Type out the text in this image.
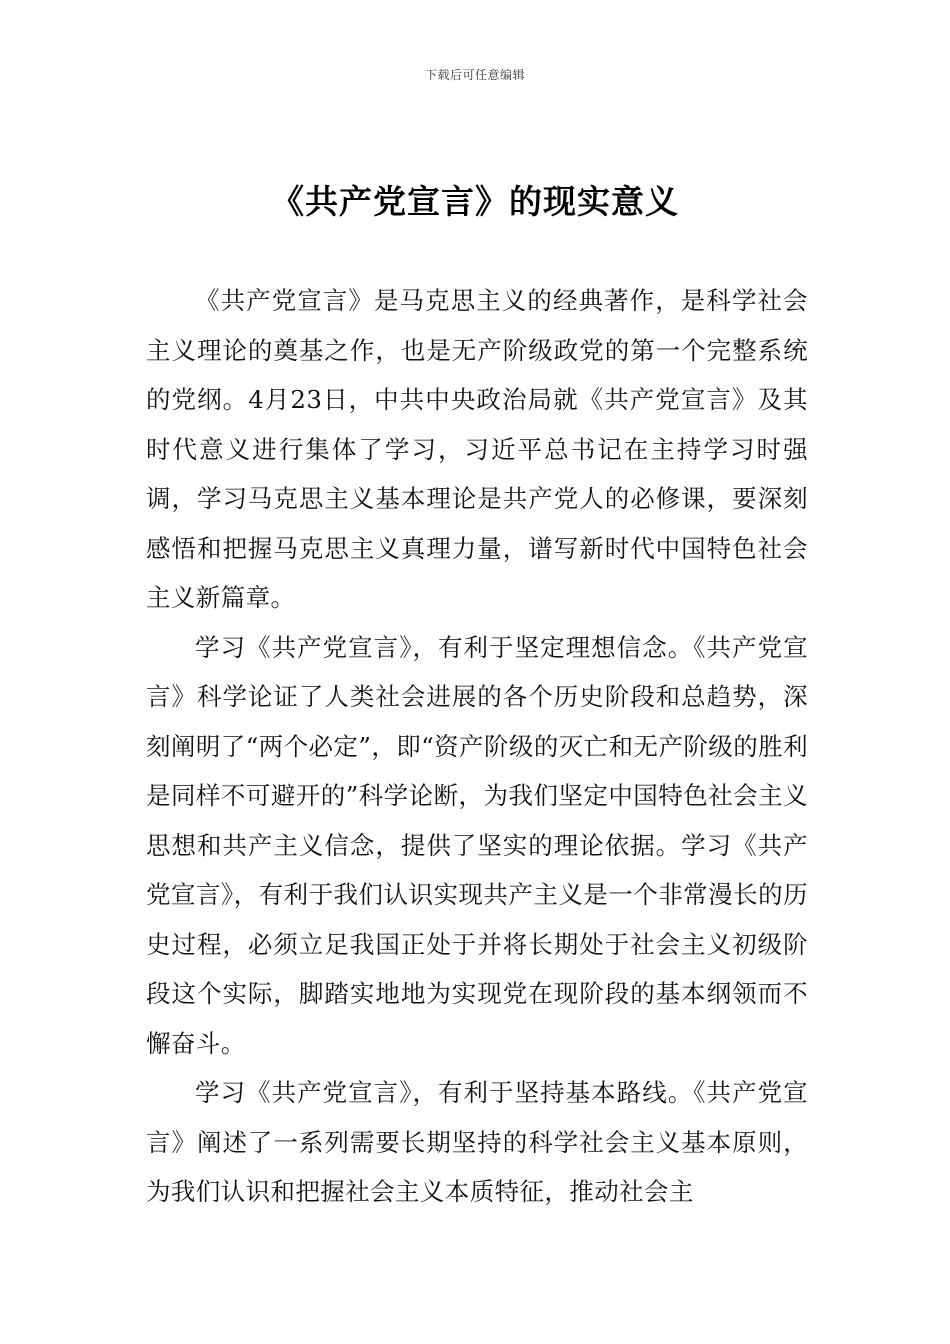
下载后可任意编辑
《共产党宣言》的现实意义

《共产党宣言》是马克思主义的经典著作，是科学社会主义理论的奠基之作，也是无产阶级政党的第一个完整系统的党纲。4月23日，中共中央政治局就《共产党宣言》及其时代意义进行集体了学习，习近平总书记在主持学习时强调，学习马克思主义基本理论是共产党人的必修课，要深刻感悟和把握马克思主义真理力量，谱写新时代中国特色社会主义新篇章。

学习《共产党宣言》，有利于坚定理想信念。《共产党宣言》科学论证了人类社会进展的各个历史阶段和总趋势，深刻阐明了“两个必定”，即“资产阶级的灭亡和无产阶级的胜利是同样不可避开的”科学论断，为我们坚定中国特色社会主义思想和共产主义信念，提供了坚实的理论依据。学习《共产党宣言》，有利于我们认识实现共产主义是一个非常漫长的历史过程，必须立足我国正处于并将长期处于社会主义初级阶段这个实际，脚踏实地地为实现党在现阶段的基本纲领而不懈奋斗。

学习《共产党宣言》，有利于坚持基本路线。《共产党宣言》阐述了一系列需要长期坚持的科学社会主义基本原则，为我们认识和把握社会主义本质特征，推动社会主
